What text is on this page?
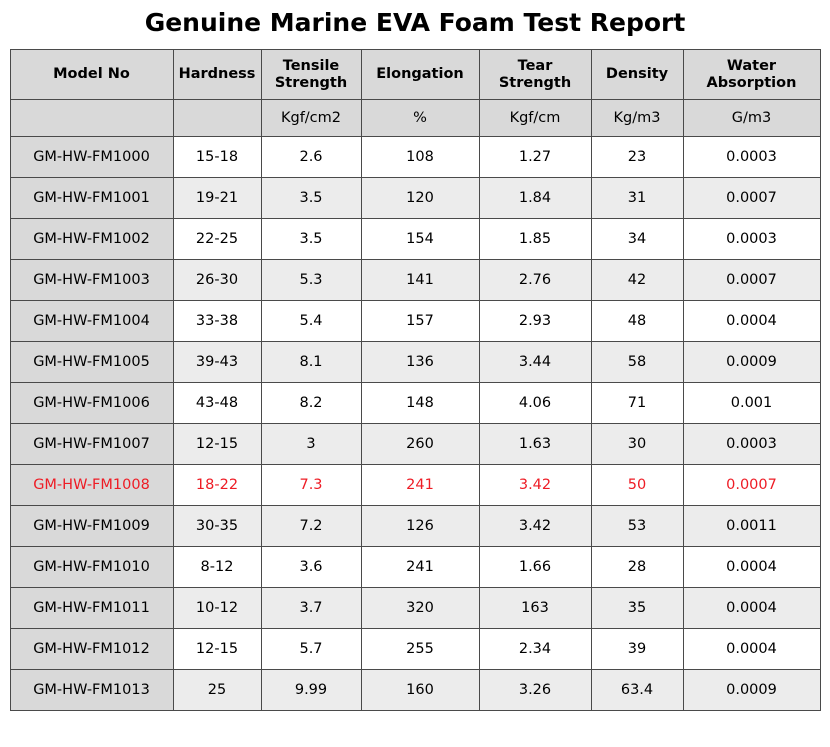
Genuine Marine EVA Foam Test Report
Model No	Hardness	Tensile Strength	Elongation	Tear Strength	Density	Water Absorption
		Kgf/cm2	%	Kgf/cm	Kg/m3	G/m3
GM-HW-FM1000	15-18	2.6	108	1.27	23	0.0003
GM-HW-FM1001	19-21	3.5	120	1.84	31	0.0007
GM-HW-FM1002	22-25	3.5	154	1.85	34	0.0003
GM-HW-FM1003	26-30	5.3	141	2.76	42	0.0007
GM-HW-FM1004	33-38	5.4	157	2.93	48	0.0004
GM-HW-FM1005	39-43	8.1	136	3.44	58	0.0009
GM-HW-FM1006	43-48	8.2	148	4.06	71	0.001
GM-HW-FM1007	12-15	3	260	1.63	30	0.0003
GM-HW-FM1008	18-22	7.3	241	3.42	50	0.0007
GM-HW-FM1009	30-35	7.2	126	3.42	53	0.0011
GM-HW-FM1010	8-12	3.6	241	1.66	28	0.0004
GM-HW-FM1011	10-12	3.7	320	163	35	0.0004
GM-HW-FM1012	12-15	5.7	255	2.34	39	0.0004
GM-HW-FM1013	25	9.99	160	3.26	63.4	0.0009
